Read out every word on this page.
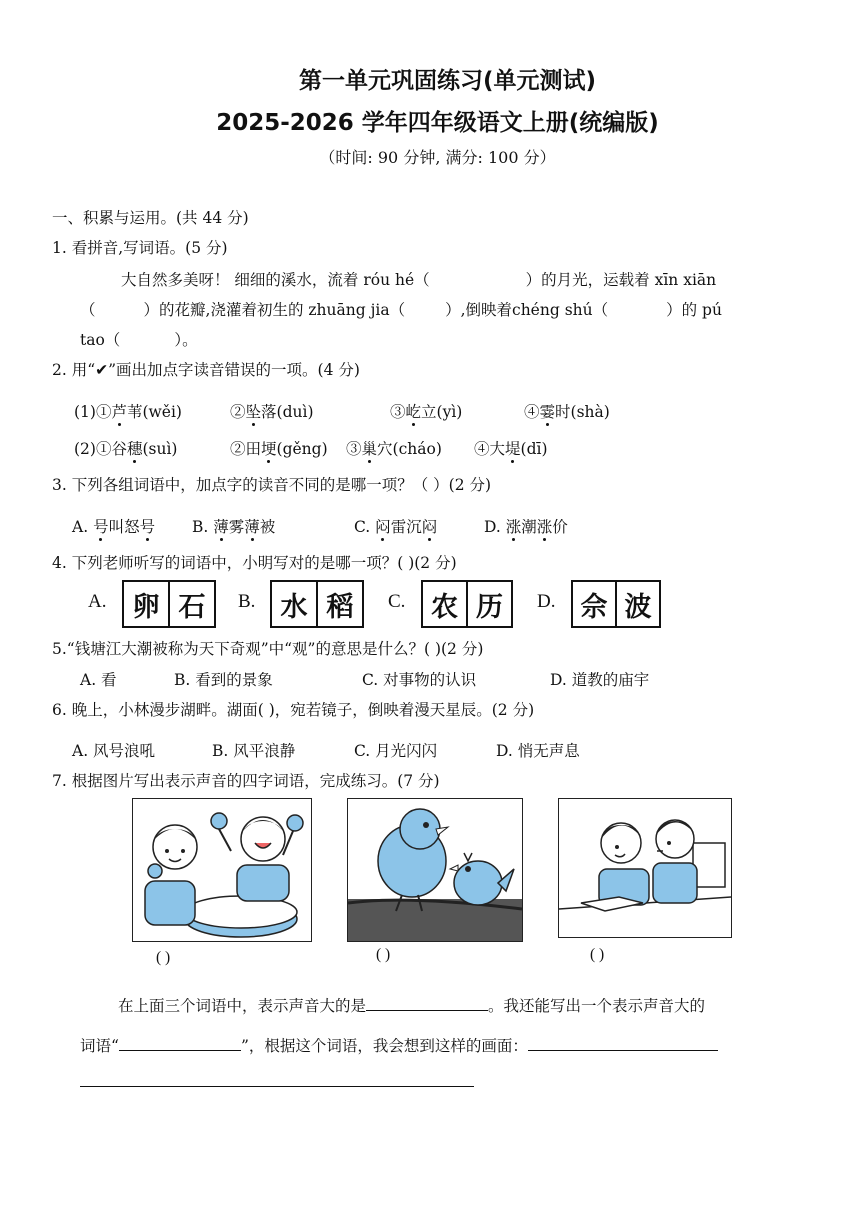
第一单元巩固练习(单元测试)
2025-2026 学年四年级语文上册(统编版)
（时间: 90 分钟, 满分: 100 分）
一、积累与运用。(共 44 分)
1. 看拼音,写词语。(5 分)
大自然多美呀！ 细细的溪水，流着 róu hé（	）的月光，运载着 xīn xiān
（	）的花瓣,浇灌着初生的 zhuāng jia（	）,倒映着chéng shú（	）的 pú
tao（	）。
2. 用“✔”画出加点字读音错误的一项。(4 分)
(1)①芦苇(wěi)	②坠落(duì)	③屹立(yì)	④霎时(shà)
(2)①谷穗(suì)	②田埂(gěng) ③巢穴(cháo) ④大堤(dī)
3. 下列各组词语中，加点字的读音不同的是哪一项？（ ）(2 分)
A. 号叫怒号 B. 薄雾薄被	C. 闷雷沉闷	D. 涨潮涨价
4. 下列老师听写的词语中，小明写对的是哪一项？( )(2 分)
A. 卵 石	B. 水 稻	C. 农 历	D. 佘 波
5.“钱塘江大潮被称为天下奇观”中“观”的意思是什么？( )(2 分)
A. 看	B. 看到的景象	C. 对事物的认识	D. 道教的庙宇
6. 晚上，小林漫步湖畔。湖面( )，宛若镜子，倒映着漫天星辰。(2 分)
A. 风号浪吼	B. 风平浪静	C. 月光闪闪	D. 悄无声息
7. 根据图片写出表示声音的四字词语，完成练习。(7 分)
( )	( )	( )
在上面三个词语中，表示声音大的是	。我还能写出一个表示声音大的
词语“	”，根据这个词语，我会想到这样的画面：
